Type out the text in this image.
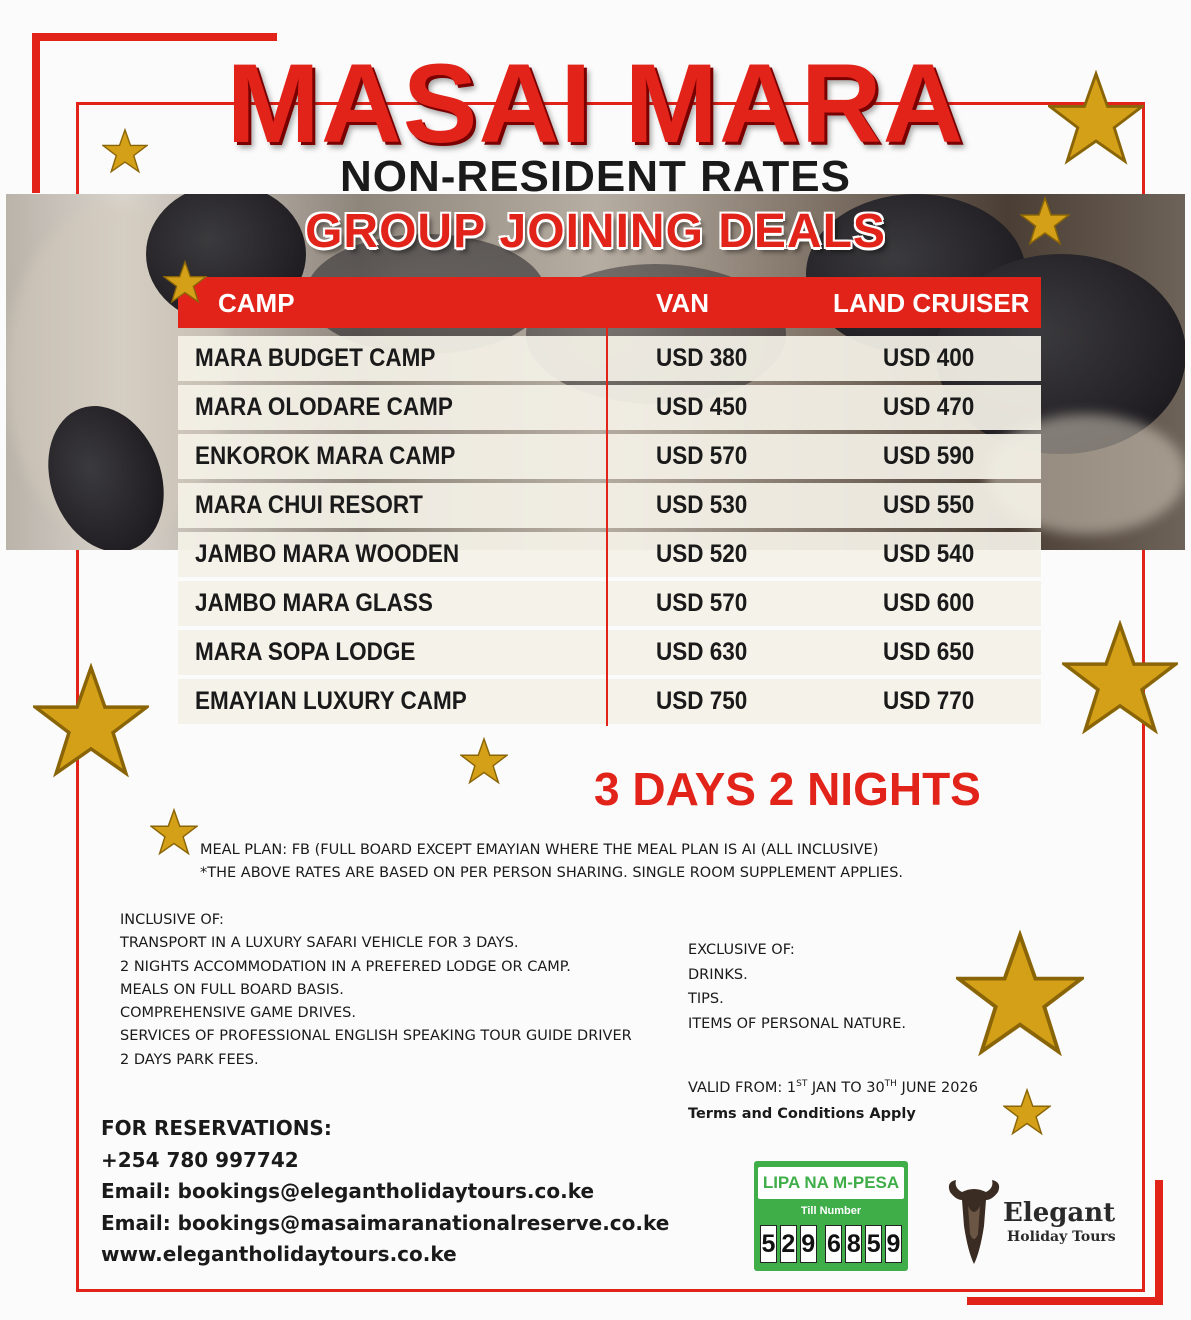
MASAI MARA
NON-RESIDENT RATES
GROUP JOINING DEALS
CAMP	VAN	LAND CRUISER
MARA BUDGET CAMP	USD 380	USD 400
MARA OLODARE CAMP	USD 450	USD 470
ENKOROK MARA CAMP	USD 570	USD 590
MARA CHUI RESORT	USD 530	USD 550
JAMBO MARA WOODEN	USD 520	USD 540
JAMBO MARA GLASS	USD 570	USD 600
MARA SOPA LODGE	USD 630	USD 650
EMAYIAN LUXURY CAMP	USD 750	USD 770
3 DAYS 2 NIGHTS
MEAL PLAN: FB (FULL BOARD EXCEPT EMAYIAN WHERE THE MEAL PLAN IS AI (ALL INCLUSIVE)
*THE ABOVE RATES ARE BASED ON PER PERSON SHARING. SINGLE ROOM SUPPLEMENT APPLIES.
INCLUSIVE OF:
TRANSPORT IN A LUXURY SAFARI VEHICLE FOR 3 DAYS.
2 NIGHTS ACCOMMODATION IN A PREFERED LODGE OR CAMP.
MEALS ON FULL BOARD BASIS.
COMPREHENSIVE GAME DRIVES.
SERVICES OF PROFESSIONAL ENGLISH SPEAKING TOUR GUIDE DRIVER
2 DAYS PARK FEES.
EXCLUSIVE OF:
DRINKS.
TIPS.
ITEMS OF PERSONAL NATURE.
VALID FROM: 1ST JAN TO 30TH JUNE 2026
Terms and Conditions Apply
FOR RESERVATIONS:
+254 780 997742
Email: bookings@elegantholidaytours.co.ke
Email: bookings@masaimaranationalreserve.co.ke
www.elegantholidaytours.co.ke
LIPA NA M-PESA
Till Number
5 2 9 6 8 5 9
Elegant
Holiday Tours
